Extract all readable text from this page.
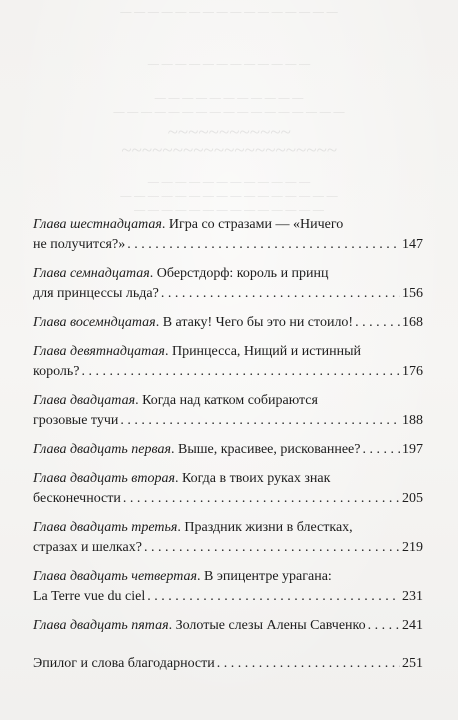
— — — — — — — — — — — — — — — —
— — — — — — — — — — — —
— — — — — — — — — — —
— — — — — — — — — — — — — — — — —
~~~~~~~~~~~~
~~~~~~~~~~~~~~~~~~~~~
— — — — — — — — — — — —
— — — — — — — — — — — — — — — —
— — — — — — — — — — — — — —
Глава шестнадцатая. Игра со стразами — «Ничего
не получится?» . . .	147
Глава семнадцатая. Оберстдорф: король и принц
для принцессы льда? . . .	156
Глава восемндцатая. В атаку! Чего бы это ни стоило! . . .	168
Глава девятнадцатая. Принцесса, Нищий и истинный
король? . . .	176
Глава двадцатая. Когда над катком собираются
грозовые тучи . . .	188
Глава двадцать первая. Выше, красивее, рискованнее? . . .	197
Глава двадцать вторая. Когда в твоих руках знак
бесконечности . . .	205
Глава двадцать третья. Праздник жизни в блестках,
стразах и шелках? . . .	219
Глава двадцать четвертая. В эпицентре урагана:
La Terre vue du ciel . . .	231
Глава двадцать пятая. Золотые слезы Алены Савченко . . .	241
Эпилог и слова благодарности . . .	251
